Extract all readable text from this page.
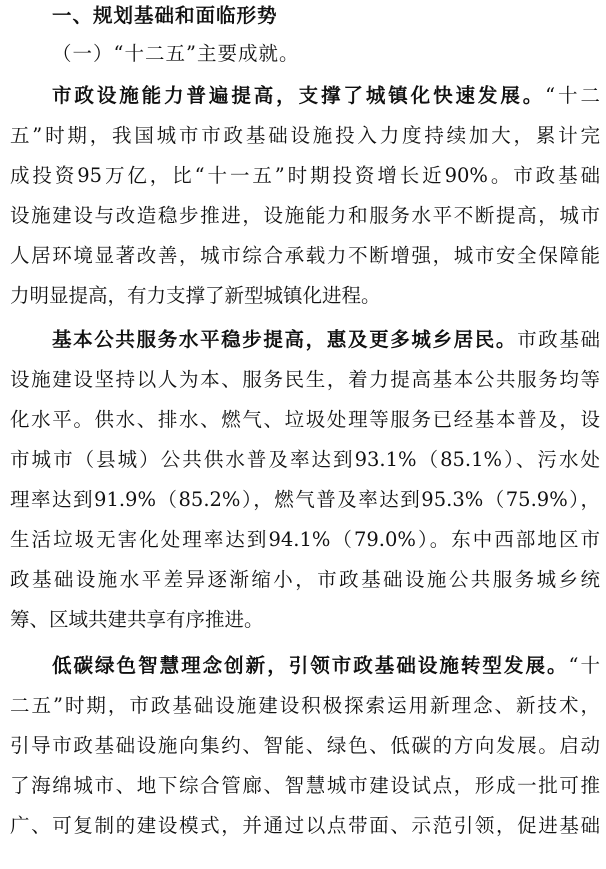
一、规划基础和面临形势

（一）“十二五”主要成就。

市政设施能力普遍提高，支撑了城镇化快速发展。“十二
五”时期，我国城市市政基础设施投入力度持续加大，累计完
成投资95万亿，比“十一五”时期投资增长近90%。市政基础
设施建设与改造稳步推进，设施能力和服务水平不断提高，城市
人居环境显著改善，城市综合承载力不断增强，城市安全保障能
力明显提高，有力支撑了新型城镇化进程。
基本公共服务水平稳步提高，惠及更多城乡居民。市政基础
设施建设坚持以人为本、服务民生，着力提高基本公共服务均等
化水平。供水、排水、燃气、垃圾处理等服务已经基本普及，设
市城市（县城）公共供水普及率达到93.1%（85.1%）、污水处
理率达到91.9%（85.2%），燃气普及率达到95.3%（75.9%），
生活垃圾无害化处理率达到94.1%（79.0%）。东中西部地区市
政基础设施水平差异逐渐缩小，市政基础设施公共服务城乡统
筹、区域共建共享有序推进。
低碳绿色智慧理念创新，引领市政基础设施转型发展。“十
二五”时期，市政基础设施建设积极探索运用新理念、新技术，
引导市政基础设施向集约、智能、绿色、低碳的方向发展。启动
了海绵城市、地下综合管廊、智慧城市建设试点，形成一批可推
广、可复制的建设模式，并通过以点带面、示范引领，促进基础
